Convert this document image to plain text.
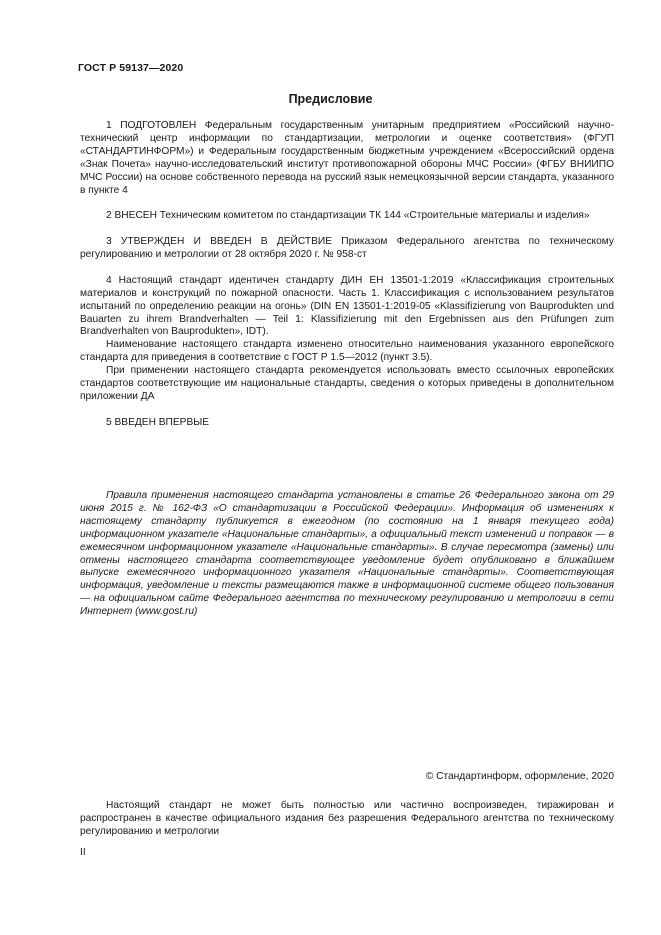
ГОСТ Р 59137—2020
Предисловие

1 ПОДГОТОВЛЕН Федеральным государственным унитарным предприятием «Российский научно-технический центр информации по стандартизации, метрологии и оценке соответствия» (ФГУП «СТАНДАРТИНФОРМ») и Федеральным государственным бюджетным учреждением «Всероссийский ордена «Знак Почета» научно-исследовательский институт противопожарной обороны МЧС России» (ФГБУ ВНИИПО МЧС России) на основе собственного перевода на русский язык немецкоязычной версии стандарта, указанного в пункте 4

2 ВНЕСЕН Техническим комитетом по стандартизации ТК 144 «Строительные материалы и изделия»

3 УТВЕРЖДЕН И ВВЕДЕН В ДЕЙСТВИЕ Приказом Федерального агентства по техническому регулированию и метрологии от 28 октября 2020 г. № 958-ст

4 Настоящий стандарт идентичен стандарту ДИН ЕН 13501-1:2019 «Классификация строительных материалов и конструкций по пожарной опасности. Часть 1. Классификация с использованием результатов испытаний по определению реакции на огонь» (DIN EN 13501-1:2019-05 «Klassifizierung von Bauprodukten und Bauarten zu ihrem Brandverhalten — Teil 1: Klassifizierung mit den Ergebnissen aus den Prüfungen zum Brandverhalten von Bauprodukten», IDT).

Наименование настоящего стандарта изменено относительно наименования указанного европейского стандарта для приведения в соответствие с ГОСТ Р 1.5—2012 (пункт 3.5).

При применении настоящего стандарта рекомендуется использовать вместо ссылочных европейских стандартов соответствующие им национальные стандарты, сведения о которых приведены в дополнительном приложении ДА

5 ВВЕДЕН ВПЕРВЫЕ

Правила применения настоящего стандарта установлены в статье 26 Федерального закона от 29 июня 2015 г. № 162-ФЗ «О стандартизации в Российской Федерации». Информация об изменениях к настоящему стандарту публикуется в ежегодном (по состоянию на 1 января текущего года) информационном указателе «Национальные стандарты», а официальный текст изменений и поправок — в ежемесячном информационном указателе «Национальные стандарты». В случае пересмотра (замены) или отмены настоящего стандарта соответствующее уведомление будет опубликовано в ближайшем выпуске ежемесячного информационного указателя «Национальные стандарты». Соответствующая информация, уведомление и тексты размещаются также в информационной системе общего пользования — на официальном сайте Федерального агентства по техническому регулированию и метрологии в сети Интернет (www.gost.ru)

© Стандартинформ, оформление, 2020

Настоящий стандарт не может быть полностью или частично воспроизведен, тиражирован и распространен в качестве официального издания без разрешения Федерального агентства по техническому регулированию и метрологии

II
